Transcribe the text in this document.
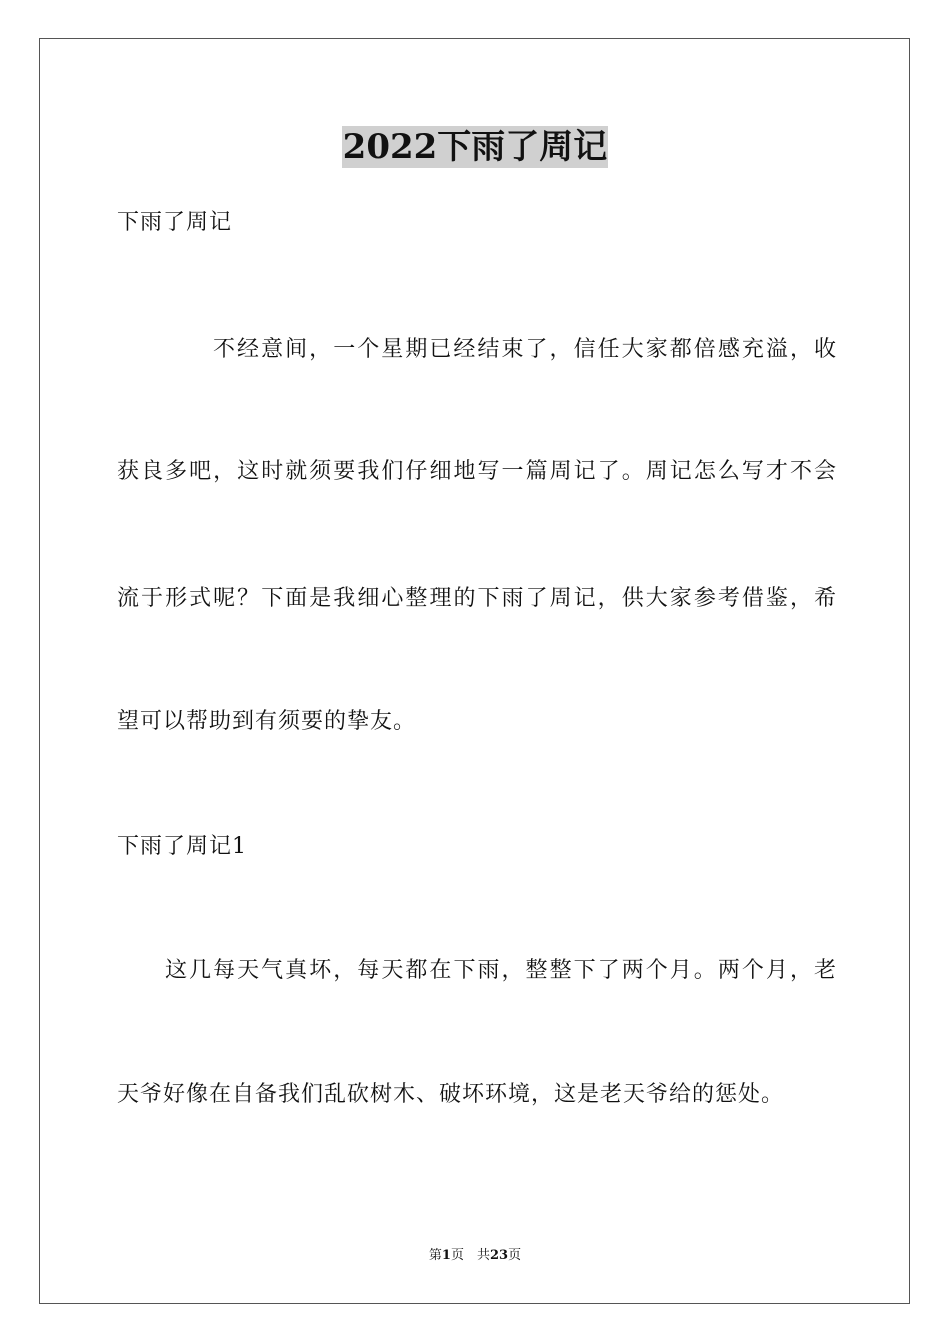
2022下雨了周记

下雨了周记

不经意间，一个星期已经结束了，信任大家都倍感充溢，收

获良多吧，这时就须要我们仔细地写一篇周记了。周记怎么写才不会

流于形式呢？下面是我细心整理的下雨了周记，供大家参考借鉴，希

望可以帮助到有须要的挚友。

下雨了周记1

这几每天气真坏，每天都在下雨，整整下了两个月。两个月，老

天爷好像在自备我们乱砍树木、破坏环境，这是老天爷给的惩处。

第1页　共23页
